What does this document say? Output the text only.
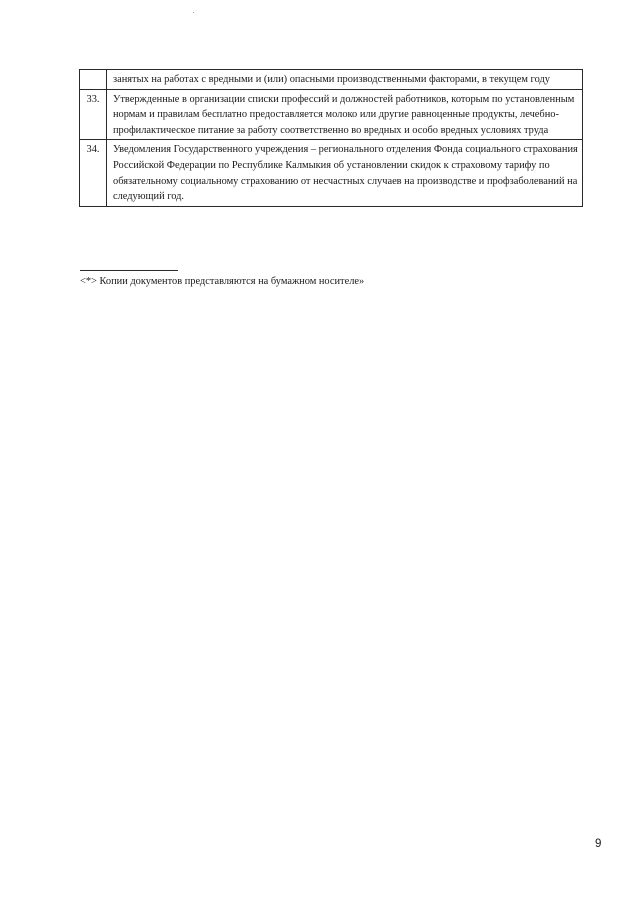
	занятых на работах с вредными и (или) опасными производственными факторами, в текущем году
33.	Утвержденные в организации списки профессий и должностей работников, которым по установленным нормам и правилам бесплатно предоставляется молоко или другие равноценные продукты, лечебно-профилактическое питание за работу соответственно во вредных и особо вредных условиях труда
34.	Уведомления Государственного учреждения – регионального отделения Фонда социального страхования Российской Федерации по Республике Калмыкия об установлении скидок к страховому тарифу по обязательному социальному страхованию от несчастных случаев на производстве и профзаболеваний на следующий год.
<*> Копии документов представляются на бумажном носителе»
9
